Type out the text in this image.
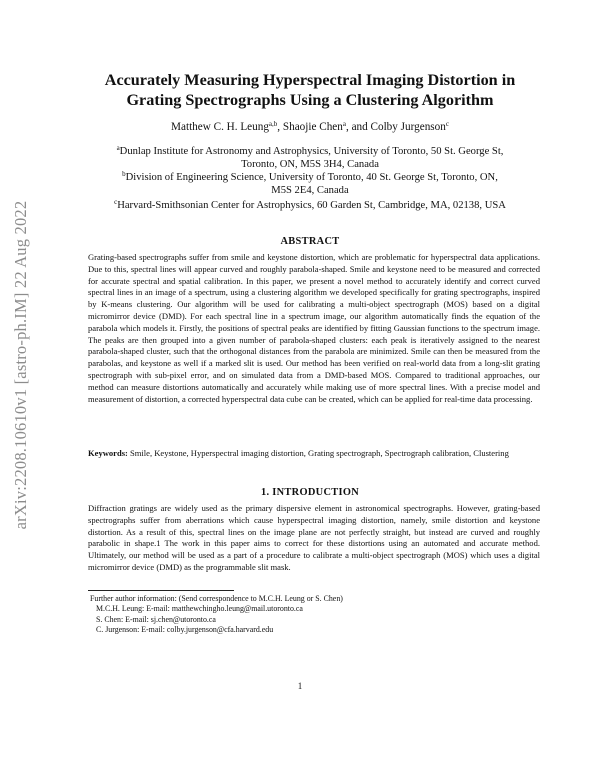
arXiv:2208.10610v1 [astro-ph.IM] 22 Aug 2022
Accurately Measuring Hyperspectral Imaging Distortion in
Grating Spectrographs Using a Clustering Algorithm
Matthew C. H. Leung$^{a,b}$, Shaojie Chen$^a$, and Colby Jurgenson$^c$
$^a$Dunlap Institute for Astronomy and Astrophysics, University of Toronto, 50 St. George St,
Toronto, ON, M5S 3H4, Canada
$^b$Division of Engineering Science, University of Toronto, 40 St. George St, Toronto, ON,
M5S 2E4, Canada
$^c$Harvard-Smithsonian Center for Astrophysics, 60 Garden St, Cambridge, MA, 02138, USA
ABSTRACT
Grating-based spectrographs suffer from smile and keystone distortion, which are problematic for hyperspectral data applications. Due to this, spectral lines will appear curved and roughly parabola-shaped. Smile and keystone need to be measured and corrected for accurate spectral and spatial calibration. In this paper, we present a novel method to accurately identify and correct curved spectral lines in an image of a spectrum, using a clustering algorithm we developed specifically for grating spectrographs, inspired by K-means clustering. Our algorithm will be used for calibrating a multi-object spectrograph (MOS) based on a digital micromirror device (DMD). For each spectral line in a spectrum image, our algorithm automatically finds the equation of the parabola which models it. Firstly, the positions of spectral peaks are identified by fitting Gaussian functions to the spectrum image. The peaks are then grouped into a given number of parabola-shaped clusters: each peak is iteratively assigned to the nearest parabola-shaped cluster, such that the orthogonal distances from the parabola are minimized. Smile can then be measured from the parabolas, and keystone as well if a marked slit is used. Our method has been verified on real-world data from a long-slit grating spectrograph with sub-pixel error, and on simulated data from a DMD-based MOS. Compared to traditional approaches, our method can measure distortions automatically and accurately while making use of more spectral lines. With a precise model and measurement of distortion, a corrected hyperspectral data cube can be created, which can be applied for real-time data processing.
Keywords: Smile, Keystone, Hyperspectral imaging distortion, Grating spectrograph, Spectrograph calibration, Clustering
1. INTRODUCTION
Diffraction gratings are widely used as the primary dispersive element in astronomical spectrographs. However, grating-based spectrographs suffer from aberrations which cause hyperspectral imaging distortion, namely, smile distortion and keystone distortion. As a result of this, spectral lines on the image plane are not perfectly straight, but instead are curved and roughly parabolic in shape.1 The work in this paper aims to correct for these distortions using an automated and accurate method. Ultimately, our method will be used as a part of a procedure to calibrate a multi-object spectrograph (MOS) which uses a digital micromirror device (DMD) as the programmable slit mask.
Further author information: (Send correspondence to M.C.H. Leung or S. Chen)
M.C.H. Leung: E-mail: matthewchingho.leung@mail.utoronto.ca
S. Chen: E-mail: sj.chen@utoronto.ca
C. Jurgenson: E-mail: colby.jurgenson@cfa.harvard.edu
1
